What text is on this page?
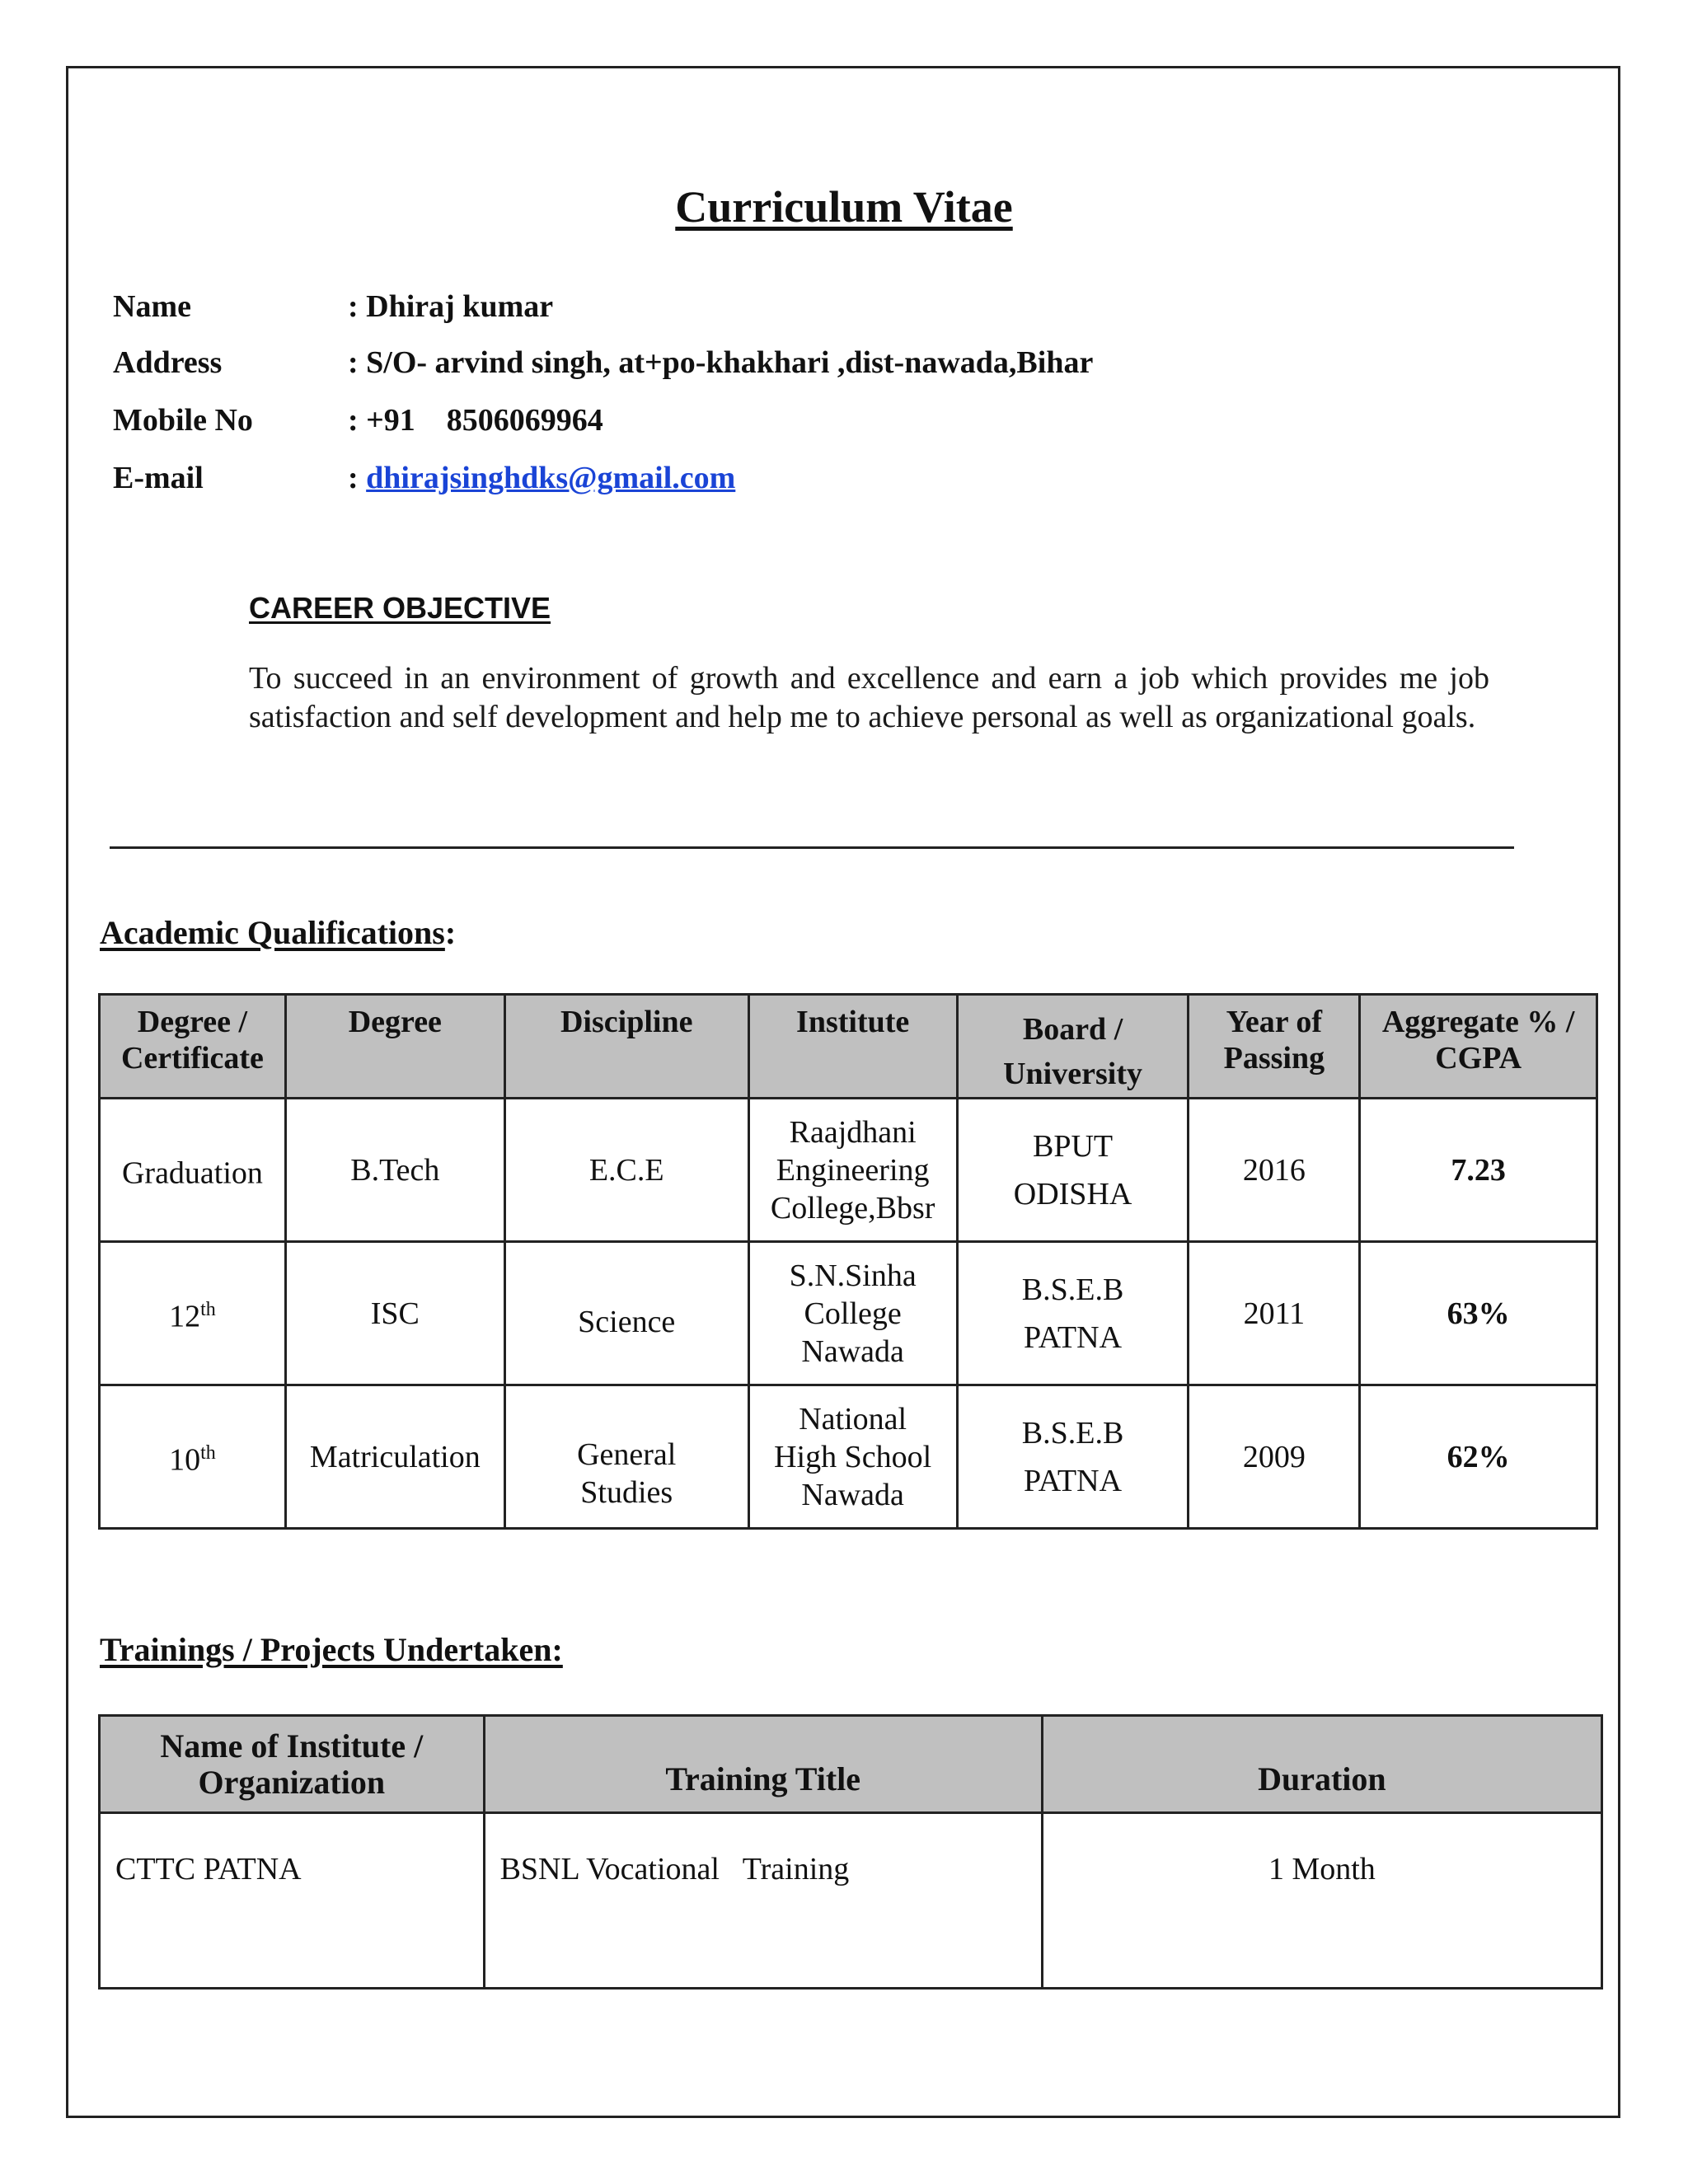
Curriculum Vitae
Name	: Dhiraj kumar
Address	: S/O- arvind singh, at+po-khakhari ,dist-nawada,Bihar
Mobile No	: +91    8506069964
E-mail	: dhirajsinghdks@gmail.com
CAREER OBJECTIVE
To succeed in an environment of growth and excellence and earn a job which provides me job satisfaction and self development and help me to achieve personal as well as organizational goals.
Academic Qualifications:
Degree / Certificate	Degree	Discipline	Institute	Board / University	Year of Passing	Aggregate % / CGPA
Graduation	B.Tech	E.C.E	Raajdhani Engineering College,Bbsr	BPUT ODISHA	2016	7.23
12th	ISC	Science	S.N.Sinha College Nawada	B.S.E.B PATNA	2011	63%
10th	Matriculation	General Studies	National High School Nawada	B.S.E.B PATNA	2009	62%
Trainings / Projects Undertaken:
Name of Institute / Organization	Training Title	Duration
CTTC PATNA	BSNL Vocational   Training	1 Month
